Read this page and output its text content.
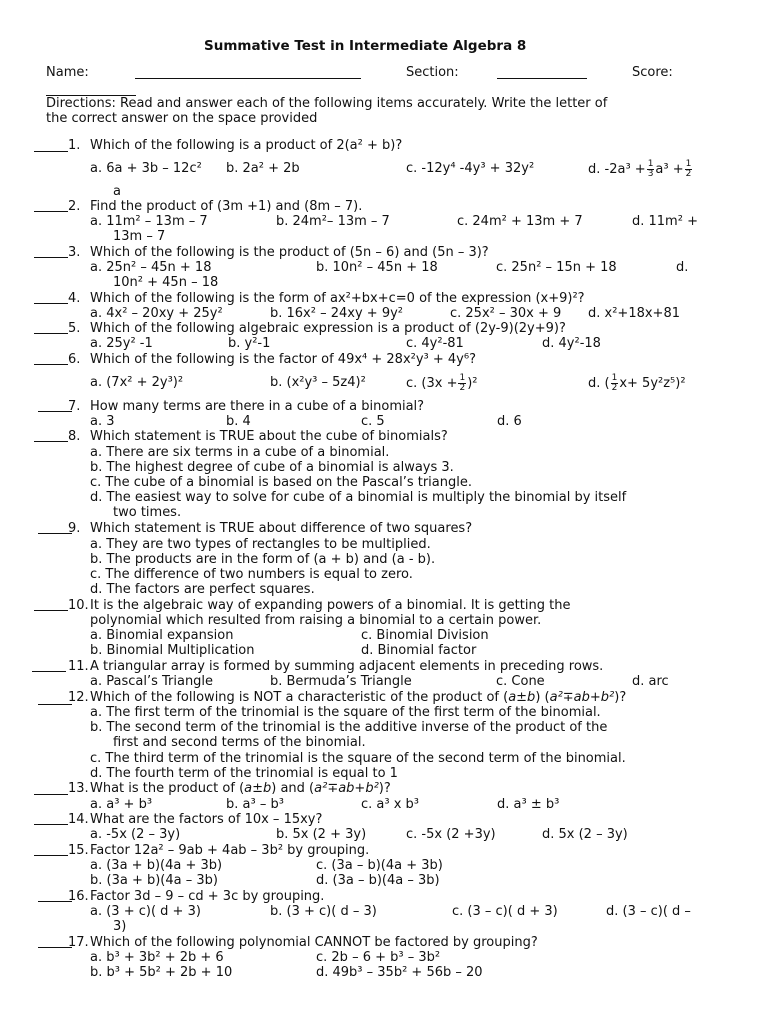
Summative Test in Intermediate Algebra 8
Name:	Section:	Score:
Directions: Read and answer each of the following items accurately. Write the letter of
the correct answer on the space provided
1. Which of the following is a product of 2(a² + b)?
a. 6a + 3b – 12c² b. 2a² + 2b	c. -12y⁴ -4y³ + 32y²	d. $-2a^3 + \frac{1}{3} a^3 + \frac{1}{2}$
a
2. Find the product of (3m +1) and (8m – 7).
a. 11m² – 13m – 7	b. 24m²– 13m – 7	c. 24m² + 13m + 7	d. 11m² +
13m – 7
3. Which of the following is the product of (5n – 6) and (5n – 3)?
a. 25n² – 45n + 18	b. 10n² – 45n + 18	c. 25n² – 15n + 18	d.
10n² + 45n – 18
4. Which of the following is the form of ax²+bx+c=0 of the expression (x+9)²?
a. 4x² – 20xy + 25y²	b. 16x² – 24xy + 9y²	c. 25x² – 30x + 9 d. x²+18x+81
5. Which of the following algebraic expression is a product of (2y-9)(2y+9)?
a. 25y² -1	b. y²-1	c. 4y²-81	d. 4y²-18
6. Which of the following is the factor of 49x⁴ + 28x²y³ + 4y⁶?
a. (7x² + 2y³)²	b. (x²y³ – 5z4)²	c. $(3x + \frac{1}{2} )^2$	d. ( $\frac{1}{2} x+ 5y^2z^5)^2$
7. How many terms are there in a cube of a binomial?
a. 3	b. 4	c. 5	d. 6
8. Which statement is TRUE about the cube of binomials?
a. There are six terms in a cube of a binomial.
b. The highest degree of cube of a binomial is always 3.
c. The cube of a binomial is based on the Pascal’s triangle.
d. The easiest way to solve for cube of a binomial is multiply the binomial by itself
two times.
9. Which statement is TRUE about difference of two squares?
a. They are two types of rectangles to be multiplied.
b. The products are in the form of (a + b) and (a - b).
c. The difference of two numbers is equal to zero.
d. The factors are perfect squares.
10. It is the algebraic way of expanding powers of a binomial. It is getting the
polynomial which resulted from raising a binomial to a certain power.
a. Binomial expansion	c. Binomial Division
b. Binomial Multiplication	d. Binomial factor
11. A triangular array is formed by summing adjacent elements in preceding rows.
a. Pascal’s Triangle	b. Bermuda’s Triangle	c. Cone	d. arc
12. Which of the following is NOT a characteristic of the product of (a±b) (a²∓ab+b²)?
a. The first term of the trinomial is the square of the first term of the binomial.
b. The second term of the trinomial is the additive inverse of the product of the
first and second terms of the binomial.
c. The third term of the trinomial is the square of the second term of the binomial.
d. The fourth term of the trinomial is equal to 1
13. What is the product of (a±b) and (a²∓ab+b²)?
a. a³ + b³	b. a³ – b³	c. a³ x b³	d. a³ ± b³
14. What are the factors of 10x – 15xy?
a. -5x (2 – 3y)	b. 5x (2 + 3y)	c. -5x (2 +3y)	d. 5x (2 – 3y)
15. Factor 12a² – 9ab + 4ab – 3b² by grouping.
a. (3a + b)(4a + 3b)	c. (3a – b)(4a + 3b)
b. (3a + b)(4a – 3b)	d. (3a – b)(4a – 3b)
16. Factor 3d – 9 – cd + 3c by grouping.
a. (3 + c)( d + 3)	b. (3 + c)( d – 3)	c. (3 – c)( d + 3)	d. (3 – c)( d –
3)
17. Which of the following polynomial CANNOT be factored by grouping?
a. b³ + 3b² + 2b + 6	c. 2b – 6 + b³ – 3b²
b. b³ + 5b² + 2b + 10	d. 49b³ – 35b² + 56b – 20
